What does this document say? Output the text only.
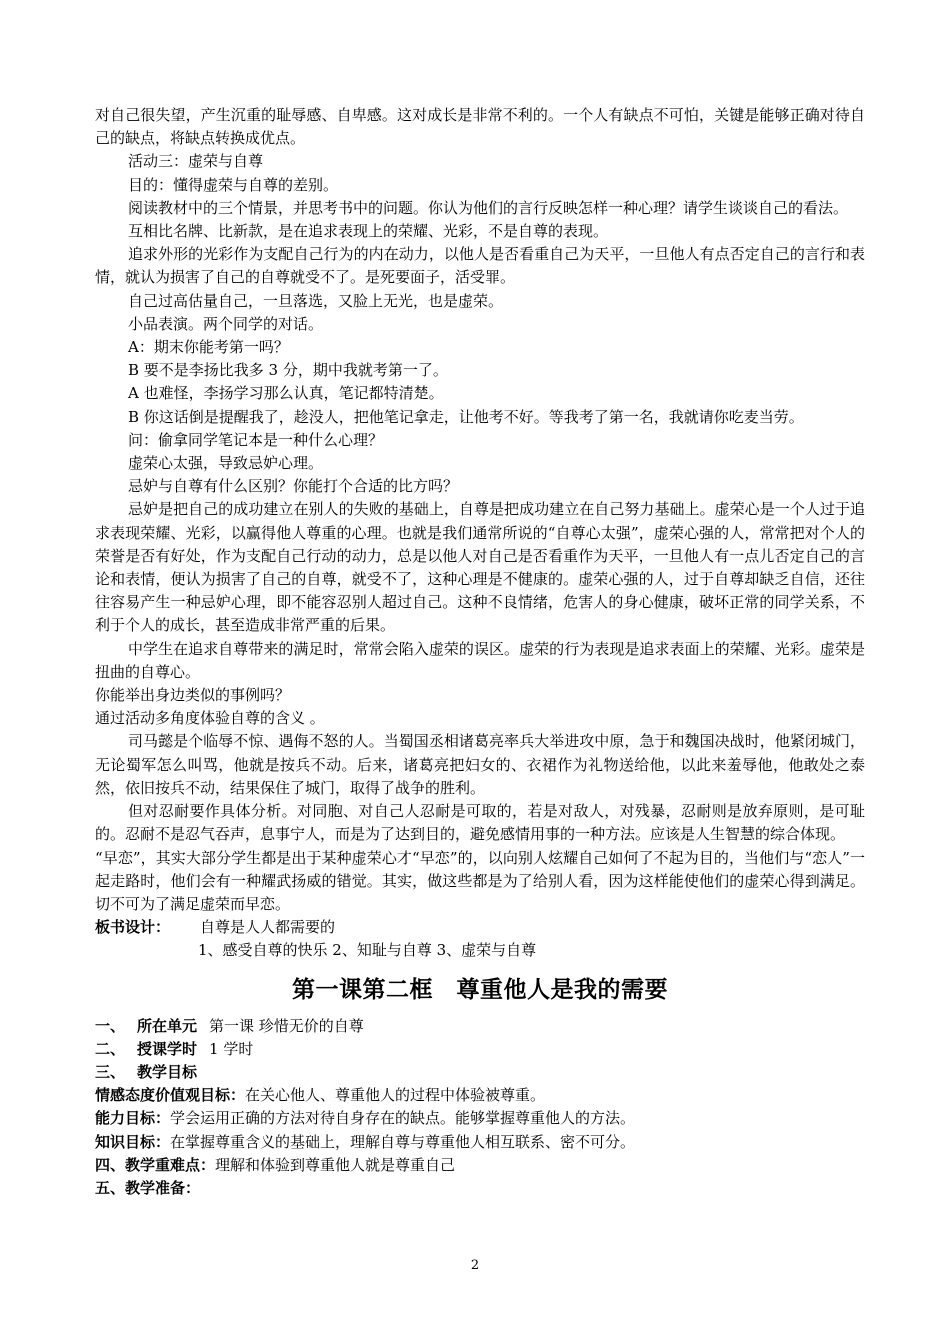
对自己很失望，产生沉重的耻辱感、自卑感。这对成长是非常不利的。一个人有缺点不可怕，关键是能够正确对待自己的缺点，将缺点转换成优点。

活动三：虚荣与自尊

目的：懂得虚荣与自尊的差别。

阅读教材中的三个情景，并思考书中的问题。你认为他们的言行反映怎样一种心理？请学生谈谈自己的看法。

互相比名牌、比新款，是在追求表现上的荣耀、光彩，不是自尊的表现。

追求外形的光彩作为支配自己行为的内在动力，以他人是否看重自己为天平，一旦他人有点否定自己的言行和表情，就认为损害了自己的自尊就受不了。是死要面子，活受罪。

自己过高估量自己，一旦落选，又脸上无光，也是虚荣。

小品表演。两个同学的对话。

A：期末你能考第一吗？

B 要不是李扬比我多 3 分，期中我就考第一了。

A 也难怪，李扬学习那么认真，笔记都特清楚。

B 你这话倒是提醒我了，趁没人，把他笔记拿走，让他考不好。等我考了第一名，我就请你吃麦当劳。

问：偷拿同学笔记本是一种什么心理？

虚荣心太强，导致忌妒心理。

忌妒与自尊有什么区别？你能打个合适的比方吗？

忌妒是把自己的成功建立在别人的失败的基础上，自尊是把成功建立在自己努力基础上。虚荣心是一个人过于追求表现荣耀、光彩，以赢得他人尊重的心理。也就是我们通常所说的“自尊心太强”，虚荣心强的人，常常把对个人的荣誉是否有好处，作为支配自己行动的动力，总是以他人对自己是否看重作为天平，一旦他人有一点儿否定自己的言论和表情，便认为损害了自己的自尊，就受不了，这种心理是不健康的。虚荣心强的人，过于自尊却缺乏自信，还往往容易产生一种忌妒心理，即不能容忍别人超过自己。这种不良情绪，危害人的身心健康，破坏正常的同学关系，不利于个人的成长，甚至造成非常严重的后果。

中学生在追求自尊带来的满足时，常常会陷入虚荣的误区。虚荣的行为表现是追求表面上的荣耀、光彩。虚荣是扭曲的自尊心。

你能举出身边类似的事例吗？

通过活动多角度体验自尊的含义 。

司马懿是个临辱不惊、遇侮不怒的人。当蜀国丞相诸葛亮率兵大举进攻中原，急于和魏国决战时，他紧闭城门，无论蜀军怎么叫骂，他就是按兵不动。后来，诸葛亮把妇女的、衣裙作为礼物送给他，以此来羞辱他，他敢处之泰然，依旧按兵不动，结果保住了城门，取得了战争的胜利。

但对忍耐要作具体分析。对同胞、对自己人忍耐是可取的，若是对敌人，对残暴，忍耐则是放弃原则，是可耻的。忍耐不是忍气吞声，息事宁人，而是为了达到目的，避免感情用事的一种方法。应该是人生智慧的综合体现。

“早恋”，其实大部分学生都是出于某种虚荣心才“早恋”的，以向别人炫耀自己如何了不起为目的，当他们与“恋人”一起走路时，他们会有一种耀武扬威的错觉。其实，做这些都是为了给别人看，因为这样能使他们的虚荣心得到满足。切不可为了满足虚荣而早恋。

板书设计： 自尊是人人都需要的

1、感受自尊的快乐 2、知耻与自尊 3、虚荣与自尊

第一课第二框　尊重他人是我的需要

一、 所在单元 第一课 珍惜无价的自尊

二、 授课学时 1 学时

三、 教学目标

情感态度价值观目标：在关心他人、尊重他人的过程中体验被尊重。

能力目标：学会运用正确的方法对待自身存在的缺点。能够掌握尊重他人的方法。

知识目标：在掌握尊重含义的基础上，理解自尊与尊重他人相互联系、密不可分。

四、教学重难点：理解和体验到尊重他人就是尊重自己

五、教学准备：

2
